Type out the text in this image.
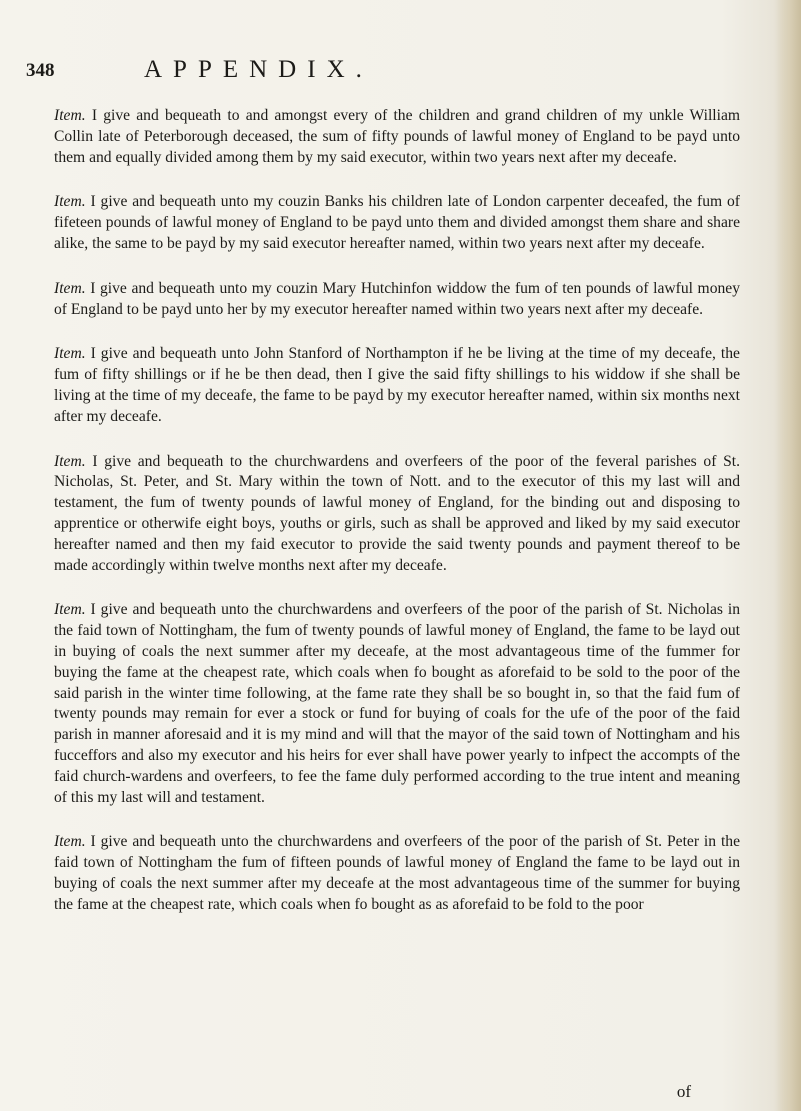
348	APPENDIX.

Item. I give and bequeath to and amongst every of the children and grand children of my unkle William Collin late of Peterborough deceased, the sum of fifty pounds of lawful money of England to be payd unto them and equally divided among them by my said executor, within two years next after my deceafe.

Item. I give and bequeath unto my couzin Banks his children late of London carpenter deceafed, the fum of fifeteen pounds of lawful money of England to be payd unto them and divided amongst them share and share alike, the same to be payd by my said executor hereafter named, within two years next after my deceafe.

Item. I give and bequeath unto my couzin Mary Hutchinfon widdow the fum of ten pounds of lawful money of England to be payd unto her by my executor hereafter named within two years next after my deceafe.

Item. I give and bequeath unto John Stanford of Northampton if he be living at the time of my deceafe, the fum of fifty shillings or if he be then dead, then I give the said fifty shillings to his widdow if she shall be living at the time of my deceafe, the fame to be payd by my executor hereafter named, within six months next after my deceafe.

Item. I give and bequeath to the churchwardens and overfeers of the poor of the feveral parishes of St. Nicholas, St. Peter, and St. Mary within the town of Nott. and to the executor of this my last will and testament, the fum of twenty pounds of lawful money of England, for the binding out and disposing to apprentice or otherwife eight boys, youths or girls, such as shall be approved and liked by my said executor hereafter named and then my faid executor to provide the said twenty pounds and payment thereof to be made accordingly within twelve months next after my deceafe.

Item. I give and bequeath unto the churchwardens and overfeers of the poor of the parish of St. Nicholas in the faid town of Nottingham, the fum of twenty pounds of lawful money of England, the fame to be layd out in buying of coals the next summer after my deceafe, at the most advantageous time of the fummer for buying the fame at the cheapest rate, which coals when fo bought as aforefaid to be sold to the poor of the said parish in the winter time following, at the fame rate they shall be so bought in, so that the faid fum of twenty pounds may remain for ever a stock or fund for buying of coals for the ufe of the poor of the faid parish in manner aforesaid and it is my mind and will that the mayor of the said town of Nottingham and his fucceffors and also my executor and his heirs for ever shall have power yearly to infpect the accompts of the faid church-wardens and overfeers, to fee the fame duly performed according to the true intent and meaning of this my last will and testament.

Item. I give and bequeath unto the churchwardens and overfeers of the poor of the parish of St. Peter in the faid town of Nottingham the fum of fifteen pounds of lawful money of England the fame to be layd out in buying of coals the next summer after my deceafe at the most advantageous time of the summer for buying the fame at the cheapest rate, which coals when fo bought as as aforefaid to be fold to the poor

of
